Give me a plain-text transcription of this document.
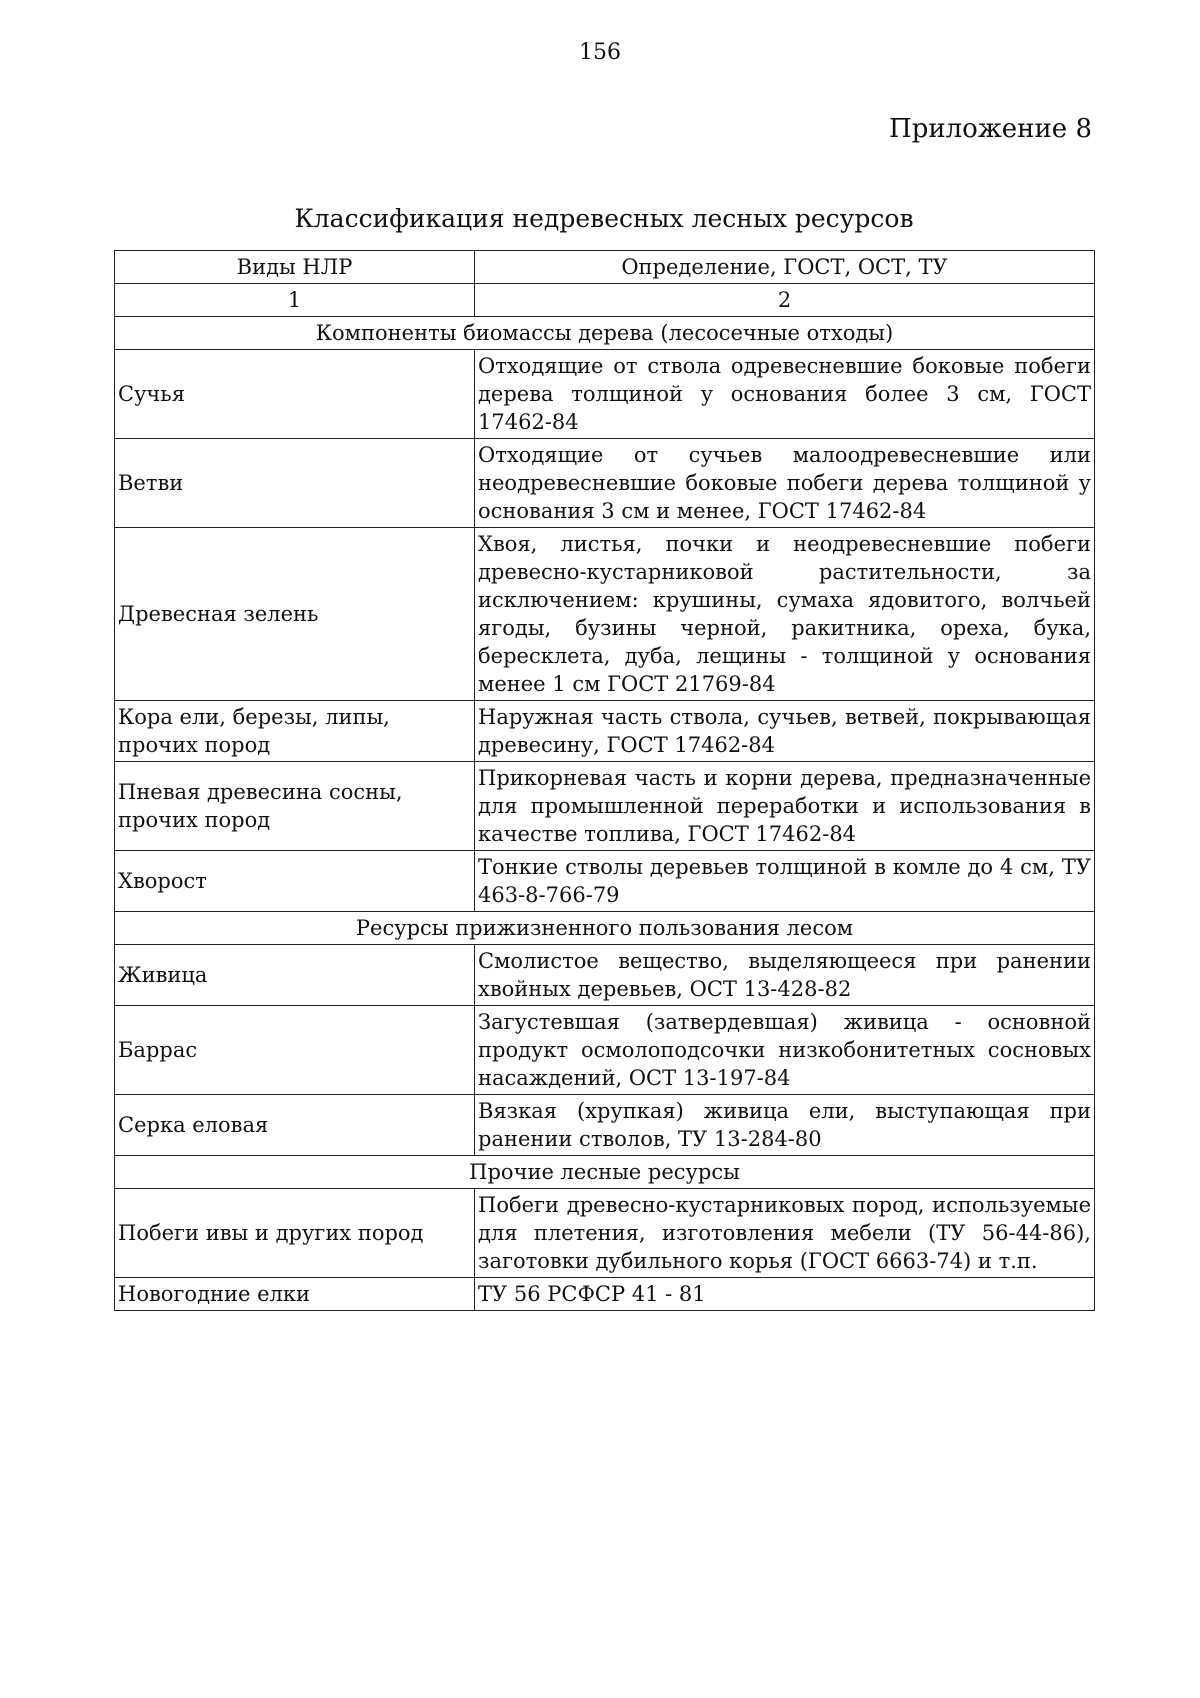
156
Приложение 8
Классификация недревесных лесных ресурсов
Виды НЛР	Определение, ГОСТ, ОСТ, ТУ
1	2
Компоненты биомассы дерева (лесосечные отходы)	
Сучья	Отходящие от ствола одревесневшие боковые побеги дерева толщиной у основания более 3 см, ГОСТ 17462-84
Ветви	Отходящие от сучьев малоодревесневшие или неодревесневшие боковые побеги дерева толщиной у основания 3 см и менее, ГОСТ 17462-84
Древесная зелень	Хвоя, листья, почки и неодревесневшие побеги древесно-кустарниковой растительности, за исключением: крушины, сумаха ядовитого, волчьей ягоды, бузины черной, ракитника, ореха, бука, бересклета, дуба, лещины - толщиной у основания менее 1 см ГОСТ 21769-84
Кора ели, березы, липы, прочих пород	Наружная часть ствола, сучьев, ветвей, покрывающая древесину, ГОСТ 17462-84
Пневая древесина сосны, прочих пород	Прикорневая часть и корни дерева, предназначенные для промышленной переработки и использования в качестве топлива, ГОСТ 17462-84
Хворост	Тонкие стволы деревьев толщиной в комле до 4 см, ТУ 463-8-766-79
Ресурсы прижизненного пользования лесом	
Живица	Смолистое вещество, выделяющееся при ранении хвойных деревьев, ОСТ 13-428-82
Баррас	Загустевшая (затвердевшая) живица - основной продукт осмолоподсочки низкобонитетных сосновых насаждений, ОСТ 13-197-84
Серка еловая	Вязкая (хрупкая) живица ели, выступающая при ранении стволов, ТУ 13-284-80
Прочие лесные ресурсы	
Побеги ивы и других пород	Побеги древесно-кустарниковых пород, используемые для плетения, изготовления мебели (ТУ 56-44-86), заготовки дубильного корья (ГОСТ 6663-74) и т.п.
Новогодние елки	ТУ 56 РСФСР 41 - 81
